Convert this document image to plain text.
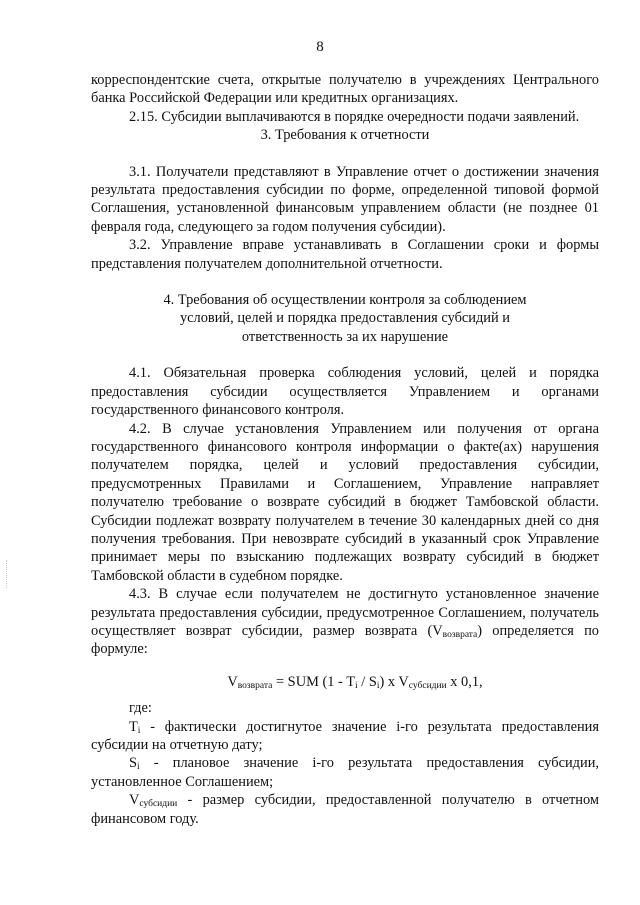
8

корреспондентские счета, открытые получателю в учреждениях Центрального банка Российской Федерации или кредитных организациях.

2.15. Субсидии выплачиваются в порядке очередности подачи заявлений.

3. Требования к отчетности

3.1. Получатели представляют в Управление отчет о достижении значения результата предоставления субсидии по форме, определенной типовой формой Соглашения, установленной финансовым управлением области (не позднее 01 февраля года, следующего за годом получения субсидии).

3.2. Управление вправе устанавливать в Соглашении сроки и формы представления получателем дополнительной отчетности.

4. Требования об осуществлении контроля за соблюдением

условий, целей и порядка предоставления субсидий и

ответственность за их нарушение

4.1. Обязательная проверка соблюдения условий, целей и порядка предоставления субсидии осуществляется Управлением и органами государственного финансового контроля.

4.2. В случае установления Управлением или получения от органа государственного финансового контроля информации о факте(ах) нарушения получателем порядка, целей и условий предоставления субсидии, предусмотренных Правилами и Соглашением, Управление направляет получателю требование о возврате субсидий в бюджет Тамбовской области. Субсидии подлежат возврату получателем в течение 30 календарных дней со дня получения требования. При невозврате субсидий в указанный срок Управление принимает меры по взысканию подлежащих возврату субсидий в бюджет Тамбовской области в судебном порядке.

4.3. В случае если получателем не достигнуто установленное значение результата предоставления субсидии, предусмотренное Соглашением, получатель осуществляет возврат субсидии, размер возврата $(V_{возврата})$ определяется по формуле:

$V_{возврата}$ = SUM $(1 - T_i / S_i)$ x $V_{субсидии}$ x 0,1,

где:

$T_i$ - фактически достигнутое значение i-го результата предоставления субсидии на отчетную дату;

$S_i$ - плановое значение i-го результата предоставления субсидии, установленное Соглашением;

$V_{субсидии}$ - размер субсидии, предоставленной получателю в отчетном финансовом году.
